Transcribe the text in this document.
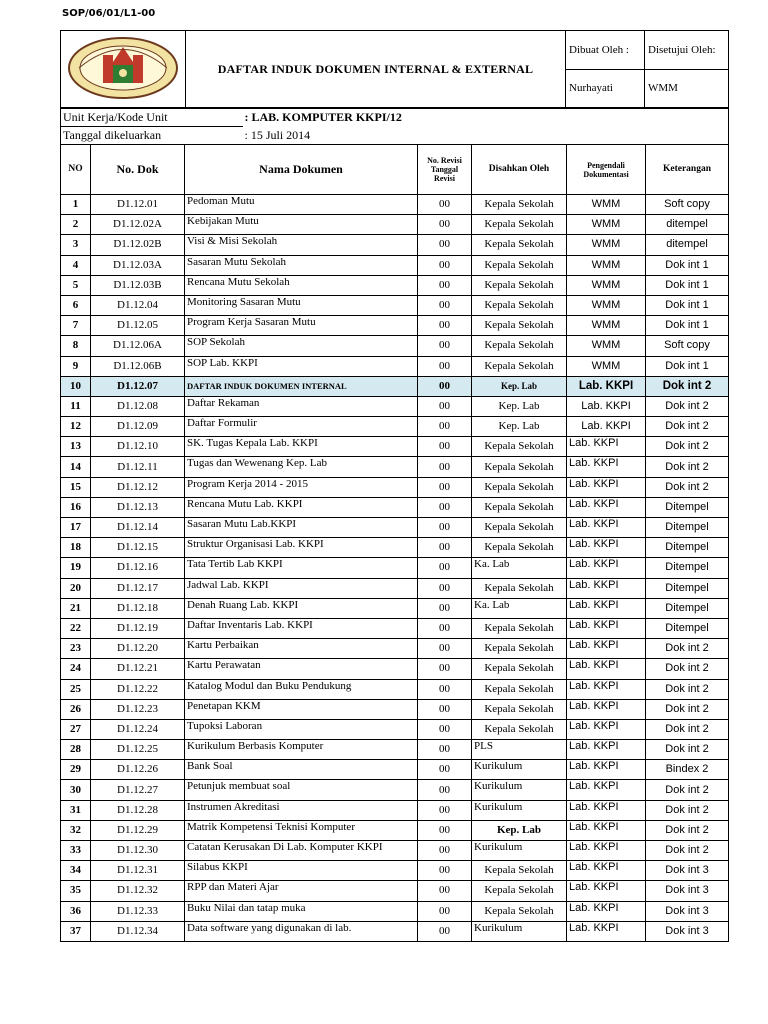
SOP/06/01/L1-00
	DAFTAR INDUK DOKUMEN INTERNAL & EXTERNAL	Dibuat Oleh :	Disetujui Oleh:
		Nurhayati	WMM
Unit Kerja/Kode Unit	: LAB. KOMPUTER KKPI/12
Tanggal dikeluarkan	: 15 Juli 2014
NO	No. Dok	Nama Dokumen	No. Revisi Tanggal Revisi	Disahkan Oleh	Pengendali Dokumentasi	Keterangan
1	D1.12.01	Pedoman Mutu	00	Kepala Sekolah	WMM	Soft copy
2	D1.12.02A	Kebijakan Mutu	00	Kepala Sekolah	WMM	ditempel
3	D1.12.02B	Visi & Misi Sekolah	00	Kepala Sekolah	WMM	ditempel
4	D1.12.03A	Sasaran Mutu Sekolah	00	Kepala Sekolah	WMM	Dok int 1
5	D1.12.03B	Rencana Mutu Sekolah	00	Kepala Sekolah	WMM	Dok int 1
6	D1.12.04	Monitoring Sasaran Mutu	00	Kepala Sekolah	WMM	Dok int 1
7	D1.12.05	Program Kerja Sasaran Mutu	00	Kepala Sekolah	WMM	Dok int 1
8	D1.12.06A	SOP Sekolah	00	Kepala Sekolah	WMM	Soft copy
9	D1.12.06B	SOP Lab. KKPI	00	Kepala Sekolah	WMM	Dok int 1
10	D1.12.07	DAFTAR INDUK DOKUMEN INTERNAL	00	Kep. Lab	Lab. KKPI	Dok int 2
11	D1.12.08	Daftar Rekaman	00	Kep. Lab	Lab. KKPI	Dok int 2
12	D1.12.09	Daftar Formulir	00	Kep. Lab	Lab. KKPI	Dok int 2
13	D1.12.10	SK. Tugas Kepala Lab. KKPI	00	Kepala Sekolah	Lab. KKPI	Dok int 2
14	D1.12.11	Tugas dan Wewenang Kep. Lab	00	Kepala Sekolah	Lab. KKPI	Dok int 2
15	D1.12.12	Program Kerja 2014 - 2015	00	Kepala Sekolah	Lab. KKPI	Dok int 2
16	D1.12.13	Rencana Mutu Lab. KKPI	00	Kepala Sekolah	Lab. KKPI	Ditempel
17	D1.12.14	Sasaran Mutu Lab.KKPI	00	Kepala Sekolah	Lab. KKPI	Ditempel
18	D1.12.15	Struktur Organisasi Lab. KKPI	00	Kepala Sekolah	Lab. KKPI	Ditempel
19	D1.12.16	Tata Tertib Lab KKPI	00	Ka. Lab	Lab. KKPI	Ditempel
20	D1.12.17	Jadwal Lab. KKPI	00	Kepala Sekolah	Lab. KKPI	Ditempel
21	D1.12.18	Denah Ruang Lab. KKPI	00	Ka. Lab	Lab. KKPI	Ditempel
22	D1.12.19	Daftar Inventaris Lab. KKPI	00	Kepala Sekolah	Lab. KKPI	Ditempel
23	D1.12.20	Kartu Perbaikan	00	Kepala Sekolah	Lab. KKPI	Dok int 2
24	D1.12.21	Kartu Perawatan	00	Kepala Sekolah	Lab. KKPI	Dok int 2
25	D1.12.22	Katalog Modul dan Buku Pendukung	00	Kepala Sekolah	Lab. KKPI	Dok int 2
26	D1.12.23	Penetapan KKM	00	Kepala Sekolah	Lab. KKPI	Dok int 2
27	D1.12.24	Tupoksi Laboran	00	Kepala Sekolah	Lab. KKPI	Dok int 2
28	D1.12.25	Kurikulum Berbasis Komputer	00	PLS	Lab. KKPI	Dok int 2
29	D1.12.26	Bank Soal	00	Kurikulum	Lab. KKPI	Bindex 2
30	D1.12.27	Petunjuk membuat soal	00	Kurikulum	Lab. KKPI	Dok int 2
31	D1.12.28	Instrumen Akreditasi	00	Kurikulum	Lab. KKPI	Dok int 2
32	D1.12.29	Matrik Kompetensi Teknisi Komputer	00	Kep. Lab	Lab. KKPI	Dok int 2
33	D1.12.30	Catatan Kerusakan Di Lab. Komputer KKPI	00	Kurikulum	Lab. KKPI	Dok int 2
34	D1.12.31	Silabus KKPI	00	Kepala Sekolah	Lab. KKPI	Dok int 3
35	D1.12.32	RPP dan Materi Ajar	00	Kepala Sekolah	Lab. KKPI	Dok int 3
36	D1.12.33	Buku Nilai dan tatap muka	00	Kepala Sekolah	Lab. KKPI	Dok int 3
37	D1.12.34	Data software yang digunakan di lab.	00	Kurikulum	Lab. KKPI	Dok int 3
